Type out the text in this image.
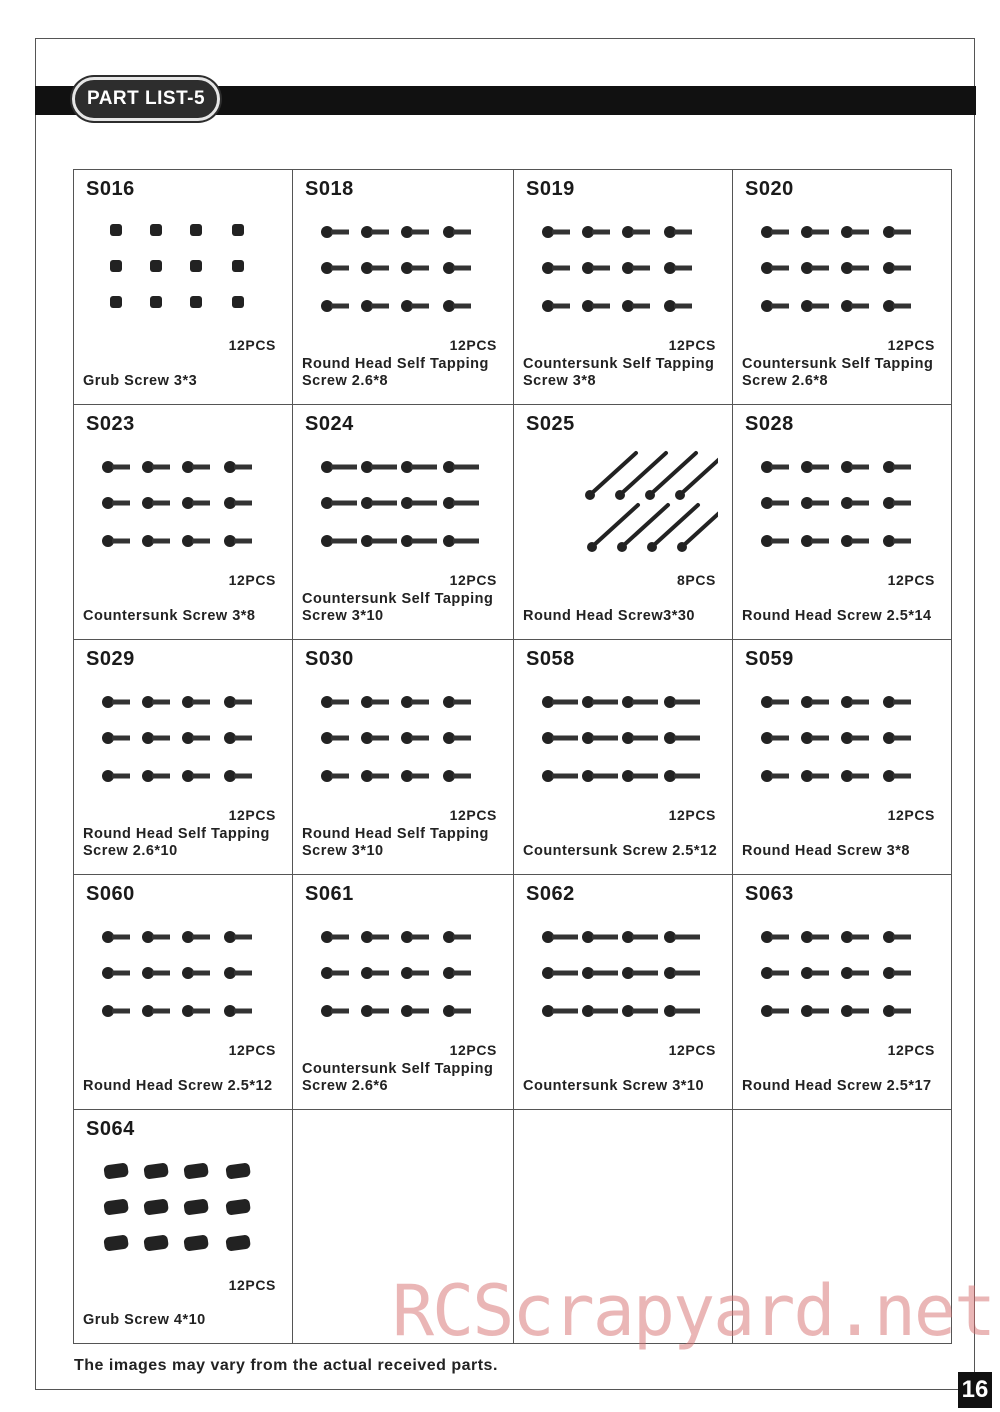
PART LIST-5
S016
12PCS
Grub Screw 3*3
S018
12PCS
Round Head Self Tapping Screw 2.6*8
S019
12PCS
Countersunk Self Tapping Screw 3*8
S020
12PCS
Countersunk Self Tapping Screw 2.6*8
S023
12PCS
Countersunk Screw 3*8
S024
12PCS
Countersunk Self Tapping Screw 3*10
S025
8PCS
Round Head Screw3*30
S028
12PCS
Round Head Screw 2.5*14
S029
12PCS
Round Head Self Tapping Screw 2.6*10
S030
12PCS
Round Head Self Tapping Screw 3*10
S058
12PCS
Countersunk Screw 2.5*12
S059
12PCS
Round Head Screw 3*8
S060
12PCS
Round Head Screw 2.5*12
S061
12PCS
Countersunk Self Tapping Screw 2.6*6
S062
12PCS
Countersunk Screw 3*10
S063
12PCS
Round Head Screw 2.5*17
S064
12PCS
Grub Screw 4*10
The images may vary from the actual received parts.
RCScrapyard.net
16
